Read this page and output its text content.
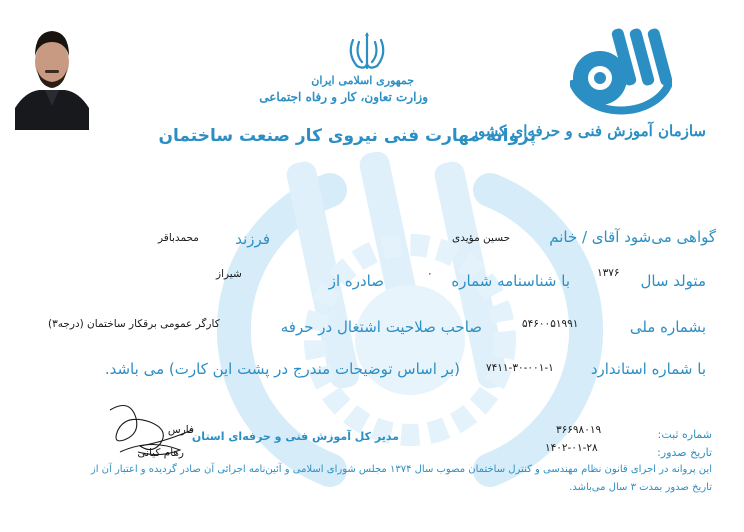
جمهوری اسلامی ایران
وزارت تعاون، کار و رفاه اجتماعی
پروانه مهارت فنی نیروی کار صنعت ساختمان
سازمان آموزش فنی و حرفه‌ای کشور
گواهی می‌شود آقای / خانم
حسین مؤیدی
فرزند
محمدباقر
متولد سال
۱۳۷۶
با شناسنامه شماره
۰
صادره از
شیراز
بشماره ملی
۵۴۶۰۰۵۱۹۹۱
صاحب صلاحیت اشتغال در حرفه
کارگر عمومی برقکار ساختمان (درجه۳)
با شماره استاندارد
۷۴۱۱-۳۰-۰۰۱-۱
(بر اساس توضیحات مندرج در پشت این کارت) می باشد.
شماره ثبت:
۳۶۶۹۸۰۱۹
تاریخ صدور:
۱۴۰۲-۰۱-۲۸
مدیر کل آموزش فنی و حرفه‌ای استان
فارس
رهام کیانی
این پروانه در اجرای قانون نظام مهندسی و کنترل ساختمان مصوب سال ۱۳۷۴ مجلس شورای اسلامی و آئین‌نامه اجرائی آن صادر گردیده و اعتبار آن از
تاریخ صدور بمدت ۳ سال می‌باشد.
